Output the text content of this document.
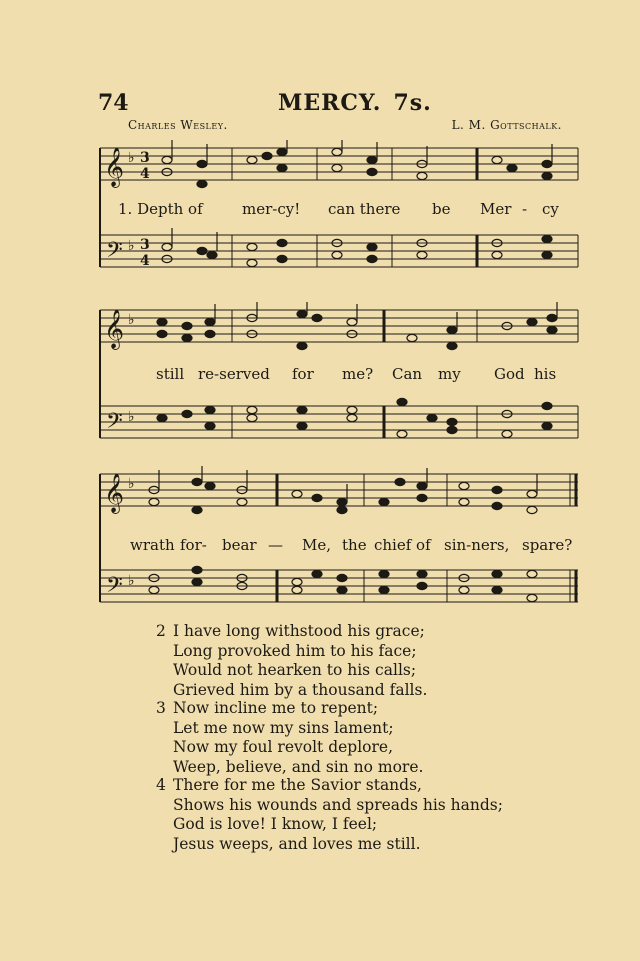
74	MERCY. 7s.
Charles Wesley.	L. M. Gottschalk.
𝄞
𝄢
♭
♭
3
4
3
4
1. Depth of	mer-cy! can there be Mer - cy
𝄞
𝄢
♭
♭
still re-served for me? Can my God his
𝄞
𝄢
♭
♭
wrath for- bear — Me, the chief of sin-ners, spare?
2 I have long withstood his grace;
Long provoked him to his face;
Would not hearken to his calls;
Grieved him by a thousand falls.
3 Now incline me to repent;
Let me now my sins lament;
Now my foul revolt deplore,
Weep, believe, and sin no more.
4 There for me the Savior stands,
Shows his wounds and spreads his hands;
God is love! I know, I feel;
Jesus weeps, and loves me still.
